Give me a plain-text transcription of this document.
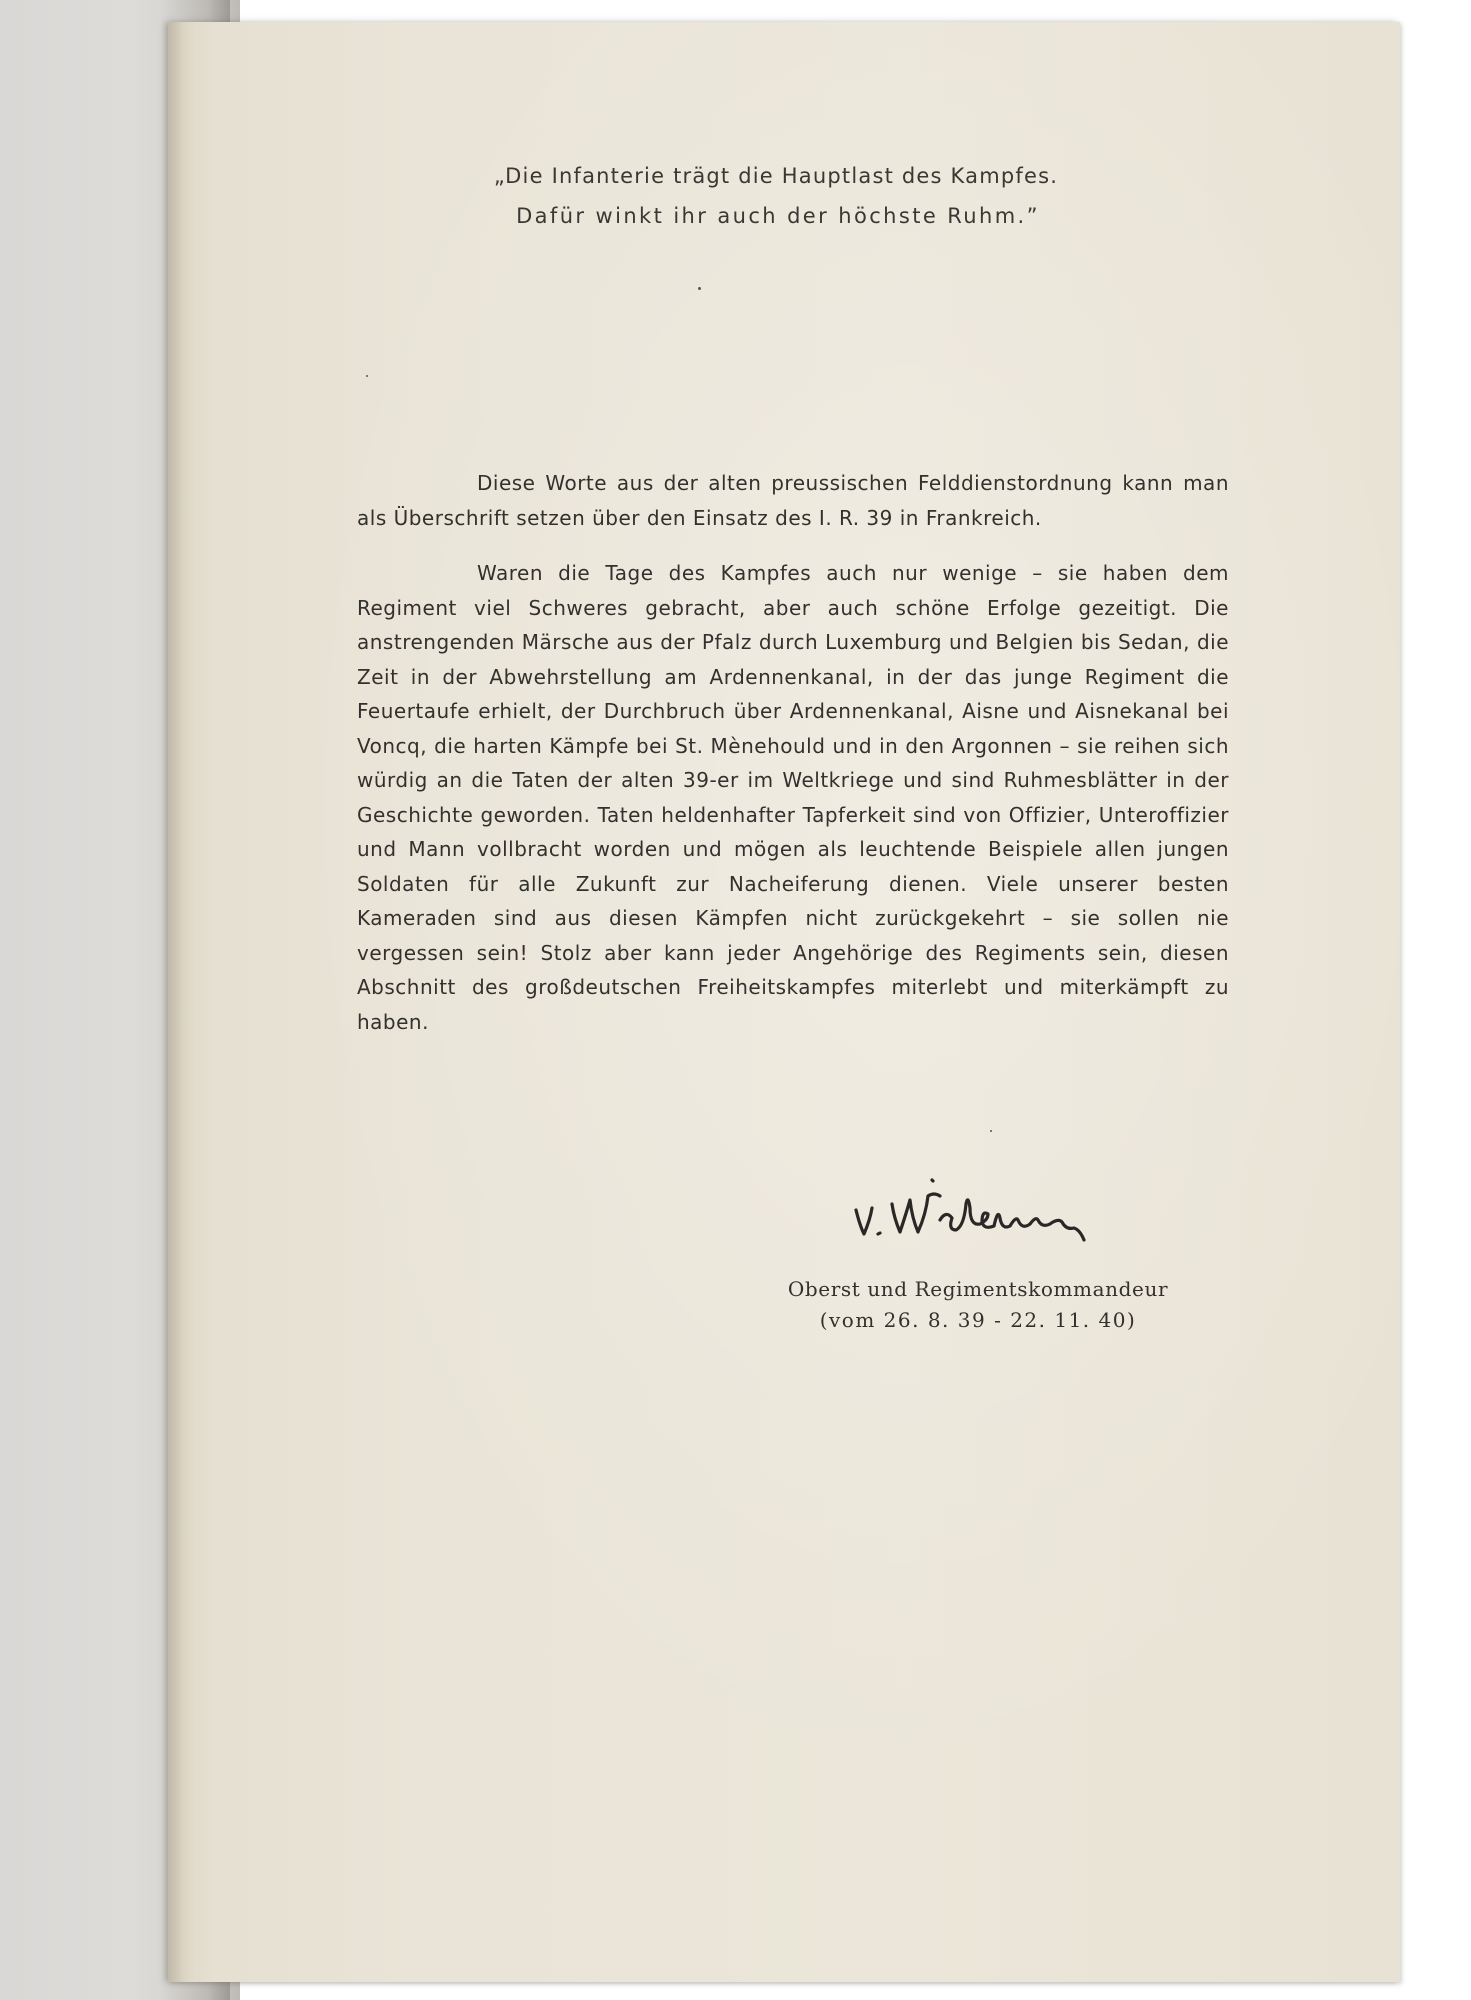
„Die Infanterie trägt die Hauptlast des Kampfes.

Dafür winkt ihr auch der höchste Ruhm.”

Diese Worte aus der alten preussischen Felddienstordnung kann man als Überschrift setzen über den Einsatz des I. R. 39 in Frankreich.

Waren die Tage des Kampfes auch nur wenige – sie haben dem Regiment viel Schweres gebracht, aber auch schöne Erfolge gezeitigt. Die anstrengenden Märsche aus der Pfalz durch Luxemburg und Belgien bis Sedan, die Zeit in der Abwehrstellung am Ardennenkanal, in der das junge Regiment die Feuertaufe erhielt, der Durchbruch über Ardennenkanal, Aisne und Aisnekanal bei Voncq, die harten Kämpfe bei St. Mènehould und in den Argonnen – sie reihen sich würdig an die Taten der alten 39-er im Weltkriege und sind Ruhmesblätter in der Geschichte geworden. Taten heldenhafter Tapferkeit sind von Offizier, Unteroffizier und Mann vollbracht worden und mögen als leuchtende Beispiele allen jungen Soldaten für alle Zukunft zur Nacheiferung dienen. Viele unserer besten Kameraden sind aus diesen Kämpfen nicht zurückgekehrt – sie sollen nie vergessen sein! Stolz aber kann jeder Angehörige des Regiments sein, diesen Abschnitt des großdeutschen Freiheitskampfes miterlebt und miterkämpft zu haben.

Oberst und Regimentskommandeur

(vom 26. 8. 39 - 22. 11. 40)
